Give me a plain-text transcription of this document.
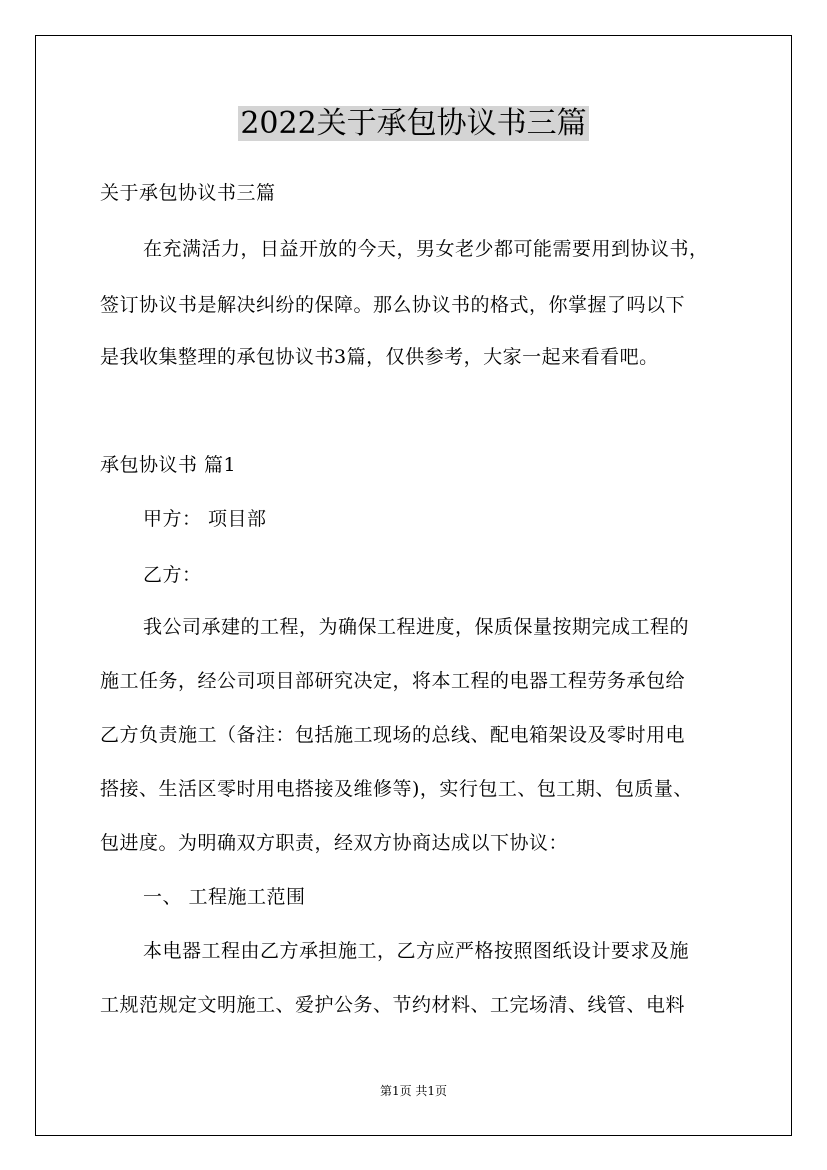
2022关于承包协议书三篇
关于承包协议书三篇
在充满活力，日益开放的今天，男女老少都可能需要用到协议书，
签订协议书是解决纠纷的保障。那么协议书的格式，你掌握了吗以下
是我收集整理的承包协议书3篇，仅供参考，大家一起来看看吧。
承包协议书 篇1
甲方： 项目部
乙方：
我公司承建的工程，为确保工程进度，保质保量按期完成工程的
施工任务，经公司项目部研究决定，将本工程的电器工程劳务承包给
乙方负责施工（备注：包括施工现场的总线、配电箱架设及零时用电
搭接、生活区零时用电搭接及维修等)，实行包工、包工期、包质量、
包进度。为明确双方职责，经双方协商达成以下协议：
一、 工程施工范围
本电器工程由乙方承担施工，乙方应严格按照图纸设计要求及施
工规范规定文明施工、爱护公务、节约材料、工完场清、线管、电料
第1页 共1页
